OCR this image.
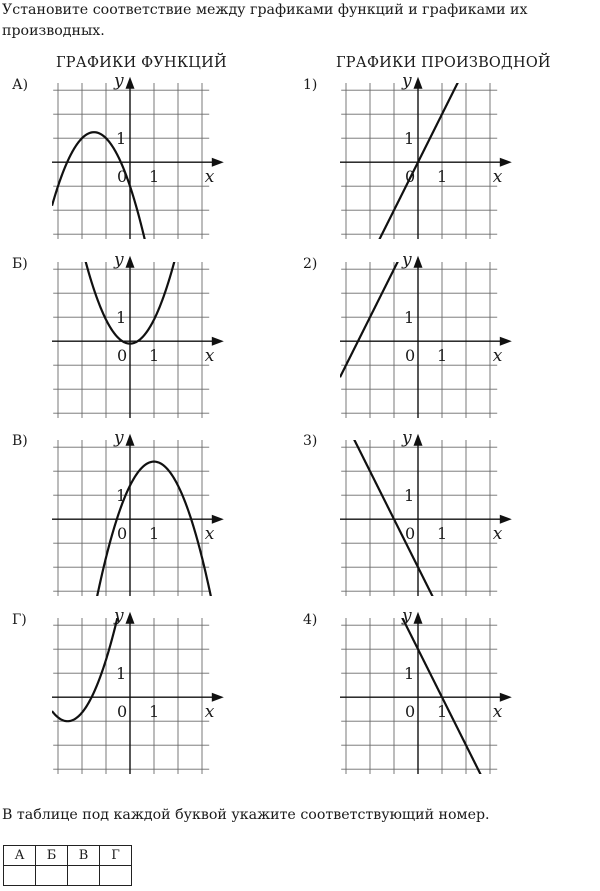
Установите соответствие между графиками функций и графиками их производных.
ГРАФИКИ ФУНКЦИЙ	ГРАФИКИ ПРОИЗВОДНОЙ
А)	1)
Б)	2)
В)	3)
Г)	4)
x
y
0 1
1
x
y
0 1
1
x
y
0 1
1
x
y
0 1
1
x
y
0 1
1
x
y
0 1
1
x
y
0 1
1
x
y
0 1
1
В таблице под каждой буквой укажите соответствующий номер.
А	Б	В	Г
